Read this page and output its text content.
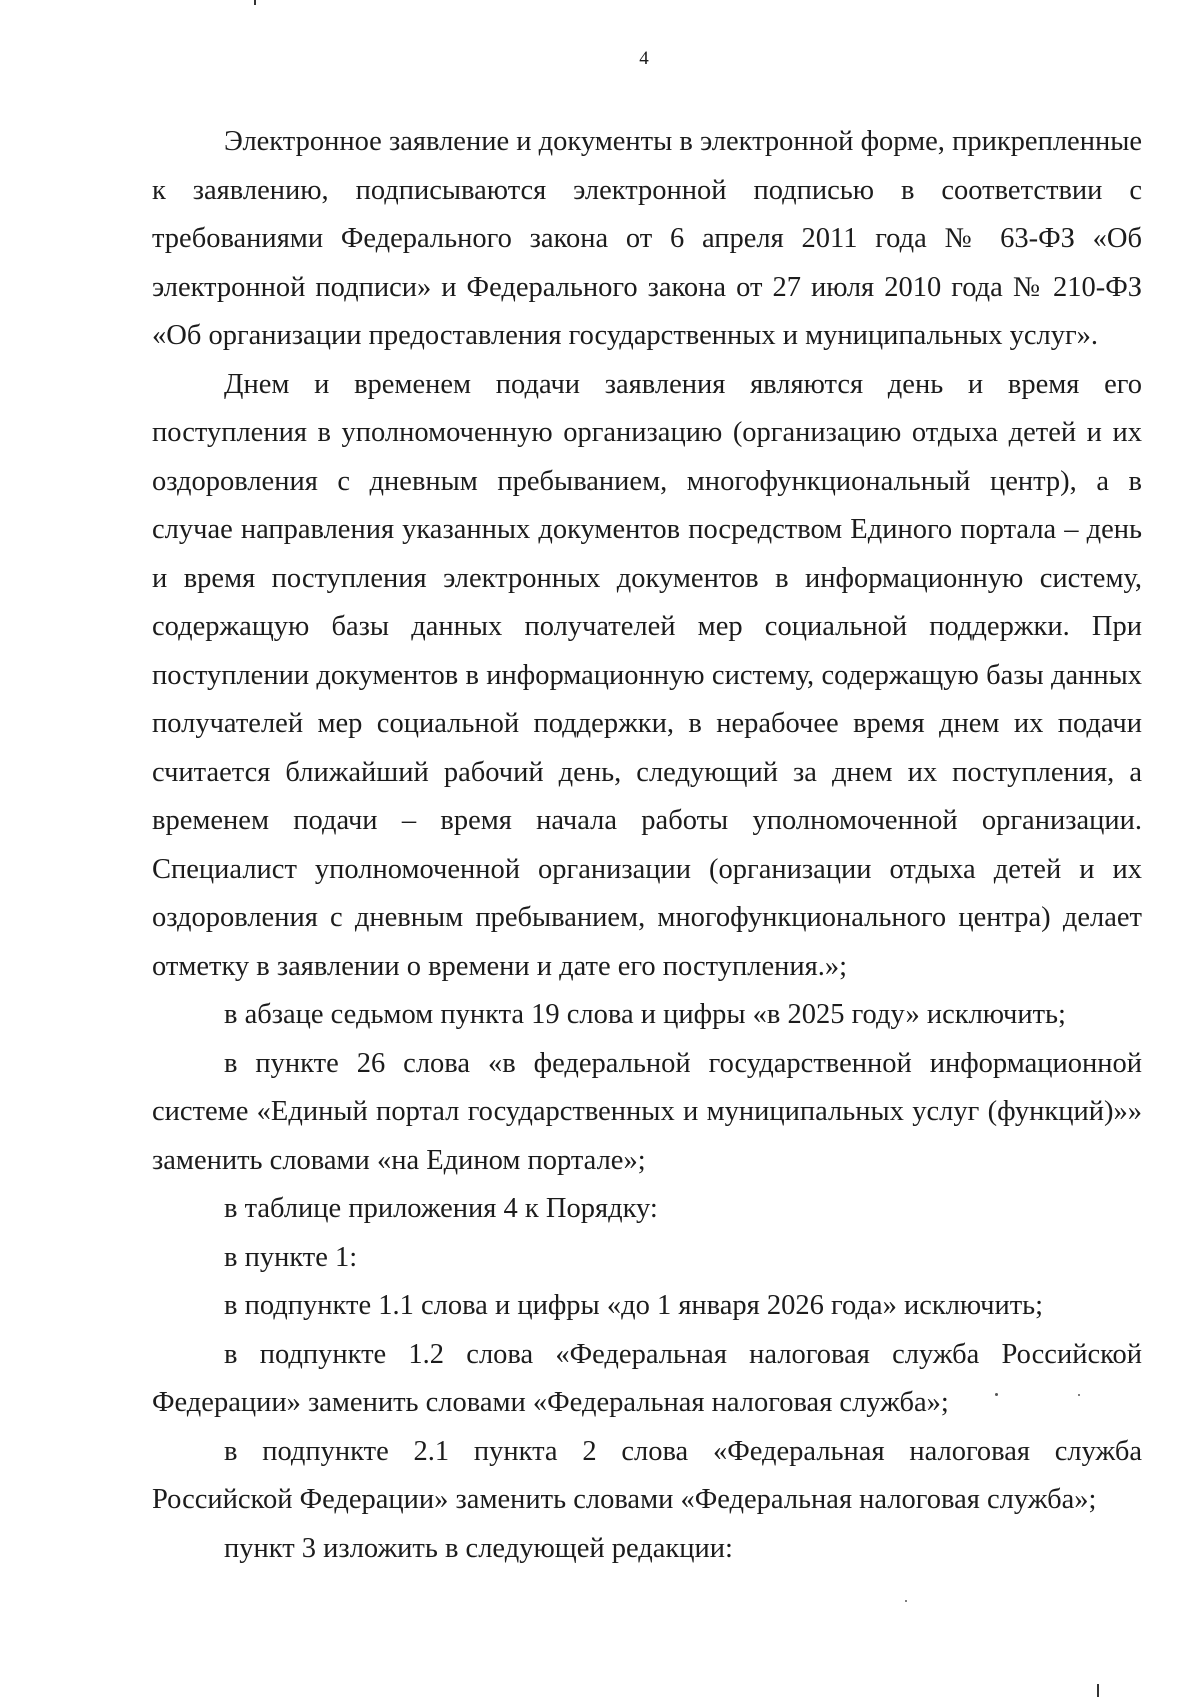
4

Электронное заявление и документы в электронной форме, прикрепленные к заявлению, подписываются электронной подписью в соответствии с требованиями Федерального закона от 6 апреля 2011 года № 63-ФЗ «Об электронной подписи» и Федерального закона от 27 июля 2010 года № 210-ФЗ «Об организации предоставления государственных и муниципальных услуг».

Днем и временем подачи заявления являются день и время его поступления в уполномоченную организацию (организацию отдыха детей и их оздоровления с дневным пребыванием, многофункциональный центр), а в случае направления указанных документов посредством Единого портала – день и время поступления электронных документов в информационную систему, содержащую базы данных получателей мер социальной поддержки. При поступлении документов в информационную систему, содержащую базы данных получателей мер социальной поддержки, в нерабочее время днем их подачи считается ближайший рабочий день, следующий за днем их поступления, а временем подачи – время начала работы уполномоченной организации. Специалист уполномоченной организации (организации отдыха детей и их оздоровления с дневным пребыванием, многофункционального центра) делает отметку в заявлении о времени и дате его поступления.»;

в абзаце седьмом пункта 19 слова и цифры «в 2025 году» исключить;

в пункте 26 слова «в федеральной государственной информационной системе «Единый портал государственных и муниципальных услуг (функций)»» заменить словами «на Едином портале»;

в таблице приложения 4 к Порядку:

в пункте 1:

в подпункте 1.1 слова и цифры «до 1 января 2026 года» исключить;

в подпункте 1.2 слова «Федеральная налоговая служба Российской Федерации» заменить словами «Федеральная налоговая служба»;

в подпункте 2.1 пункта 2 слова «Федеральная налоговая служба Российской Федерации» заменить словами «Федеральная налоговая служба»;

пункт 3 изложить в следующей редакции:
